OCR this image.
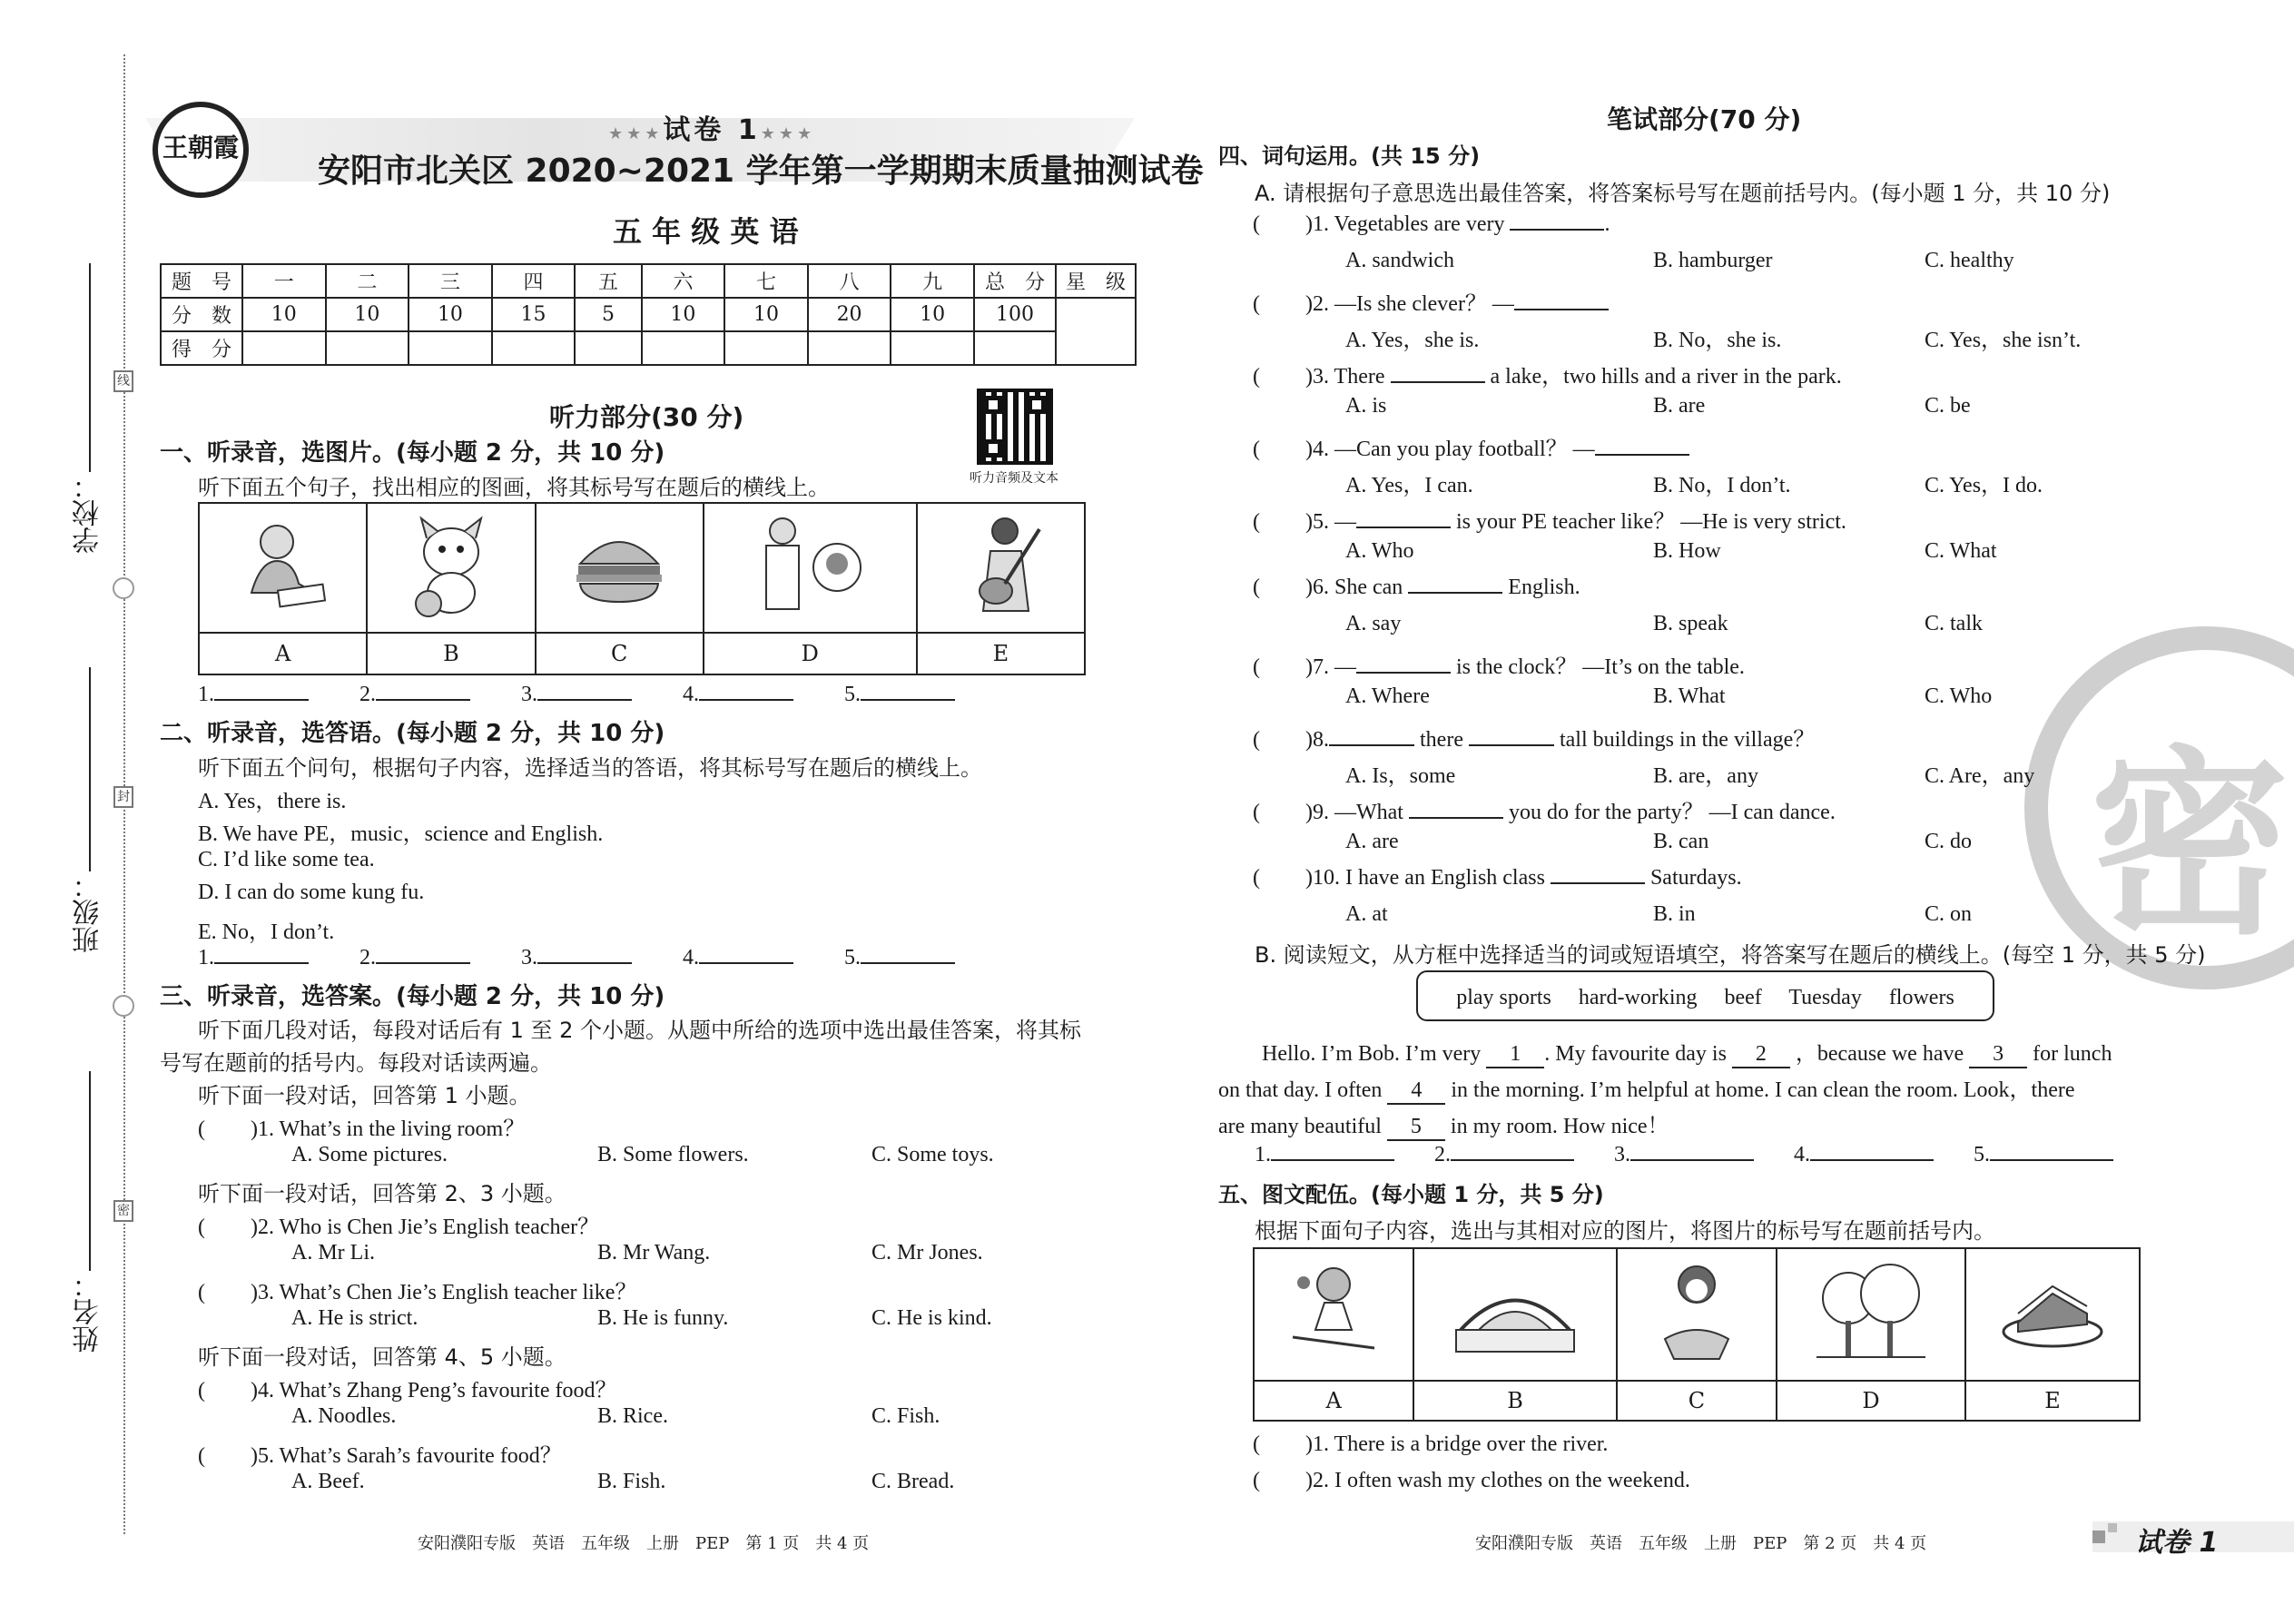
线
封
密
学校：
班级：
姓名：
王朝霞
★★★试卷 1★★★
安阳市北关区 2020~2021 学年第一学期期末质量抽测试卷
五 年 级 英 语
题　号	一	二	三	四	五	六	七	八	九	总　分	星　级
分　数	10	10	10	15	5	10	10	20	10	100	
得　分											
听力部分(30 分)
听力音频及文本
一、听录音，选图片。(每小题 2 分，共 10 分)
听下面五个句子，找出相应的图画，将其标号写在题后的横线上。

A	B	C	D	E
1.	2.	3.	4.	5.
二、听录音，选答语。(每小题 2 分，共 10 分)
听下面五个问句，根据句子内容，选择适当的答语，将其标号写在题后的横线上。
A. Yes，there is.
B. We have PE，music，science and English.
C. I’d like some tea.
D. I can do some kung fu.
E. No，I don’t.
1.	2.	3.	4.	5.
三、听录音，选答案。(每小题 2 分，共 10 分)
听下面几段对话，每段对话后有 1 至 2 个小题。从题中所给的选项中选出最佳答案，将其标
号写在题前的括号内。每段对话读两遍。
听下面一段对话，回答第 1 小题。
( )1. What’s in the living room？
A. Some pictures.	B. Some flowers.	C. Some toys.
听下面一段对话，回答第 2、3 小题。
( )2. Who is Chen Jie’s English teacher？
A. Mr Li.	B. Mr Wang.	C. Mr Jones.
( )3. What’s Chen Jie’s English teacher like？
A. He is strict.	B. He is funny.	C. He is kind.
听下面一段对话，回答第 4、5 小题。
( )4. What’s Zhang Peng’s favourite food？
A. Noodles.	B. Rice.	C. Fish.
( )5. What’s Sarah’s favourite food？
A. Beef.	B. Fish.	C. Bread.
安阳濮阳专版　英语　五年级　上册　PEP　第 1 页　共 4 页
密
笔试部分(70 分)
四、词句运用。(共 15 分)
A. 请根据句子意思选出最佳答案，将答案标号写在题前括号内。(每小题 1 分，共 10 分)
( )1. Vegetables are very	.
A. sandwich	B. hamburger	C. healthy
( )2. —Is she clever？ —
A. Yes，she is.	B. No，she is.	C. Yes，she isn’t.
( )3. There	a lake，two hills and a river in the park.
A. is	B. are	C. be
( )4. —Can you play football？ —
A. Yes，I can.	B. No，I don’t.	C. Yes，I do.
( )5. —	is your PE teacher like？ —He is very strict.
A. Who	B. How	C. What
( )6. She can	English.
A. say	B. speak	C. talk
( )7. —	is the clock？ —It’s on the table.
A. Where	B. What	C. Who
( )8.	there	tall buildings in the village？
A. Is，some	B. are，any	C. Are，any
( )9. —What	you do for the party？ —I can dance.
A. are	B. can	C. do
( )10. I have an English class	Saturdays.
A. at	B. in	C. on
B. 阅读短文，从方框中选择适当的词或短语填空，将答案写在题后的横线上。(每空 1 分，共 5 分)
play sports　 hard-working　 beef　 Tuesday　 flowers
Hello. I’m Bob. I’m very 1 . My favourite day is 2 ，because we have 3 for lunch
on that day. I often 4 in the morning. I’m helpful at home. I can clean the room. Look，there
are many beautiful 5 in my room. How nice！
1.	2.	3.	4.	5.
五、图文配伍。(每小题 1 分，共 5 分)
根据下面句子内容，选出与其相对应的图片，将图片的标号写在题前括号内。

A	B	C	D	E
( )1. There is a bridge over the river.
( )2. I often wash my clothes on the weekend.
安阳濮阳专版　英语　五年级　上册　PEP　第 2 页　共 4 页	试卷 1
